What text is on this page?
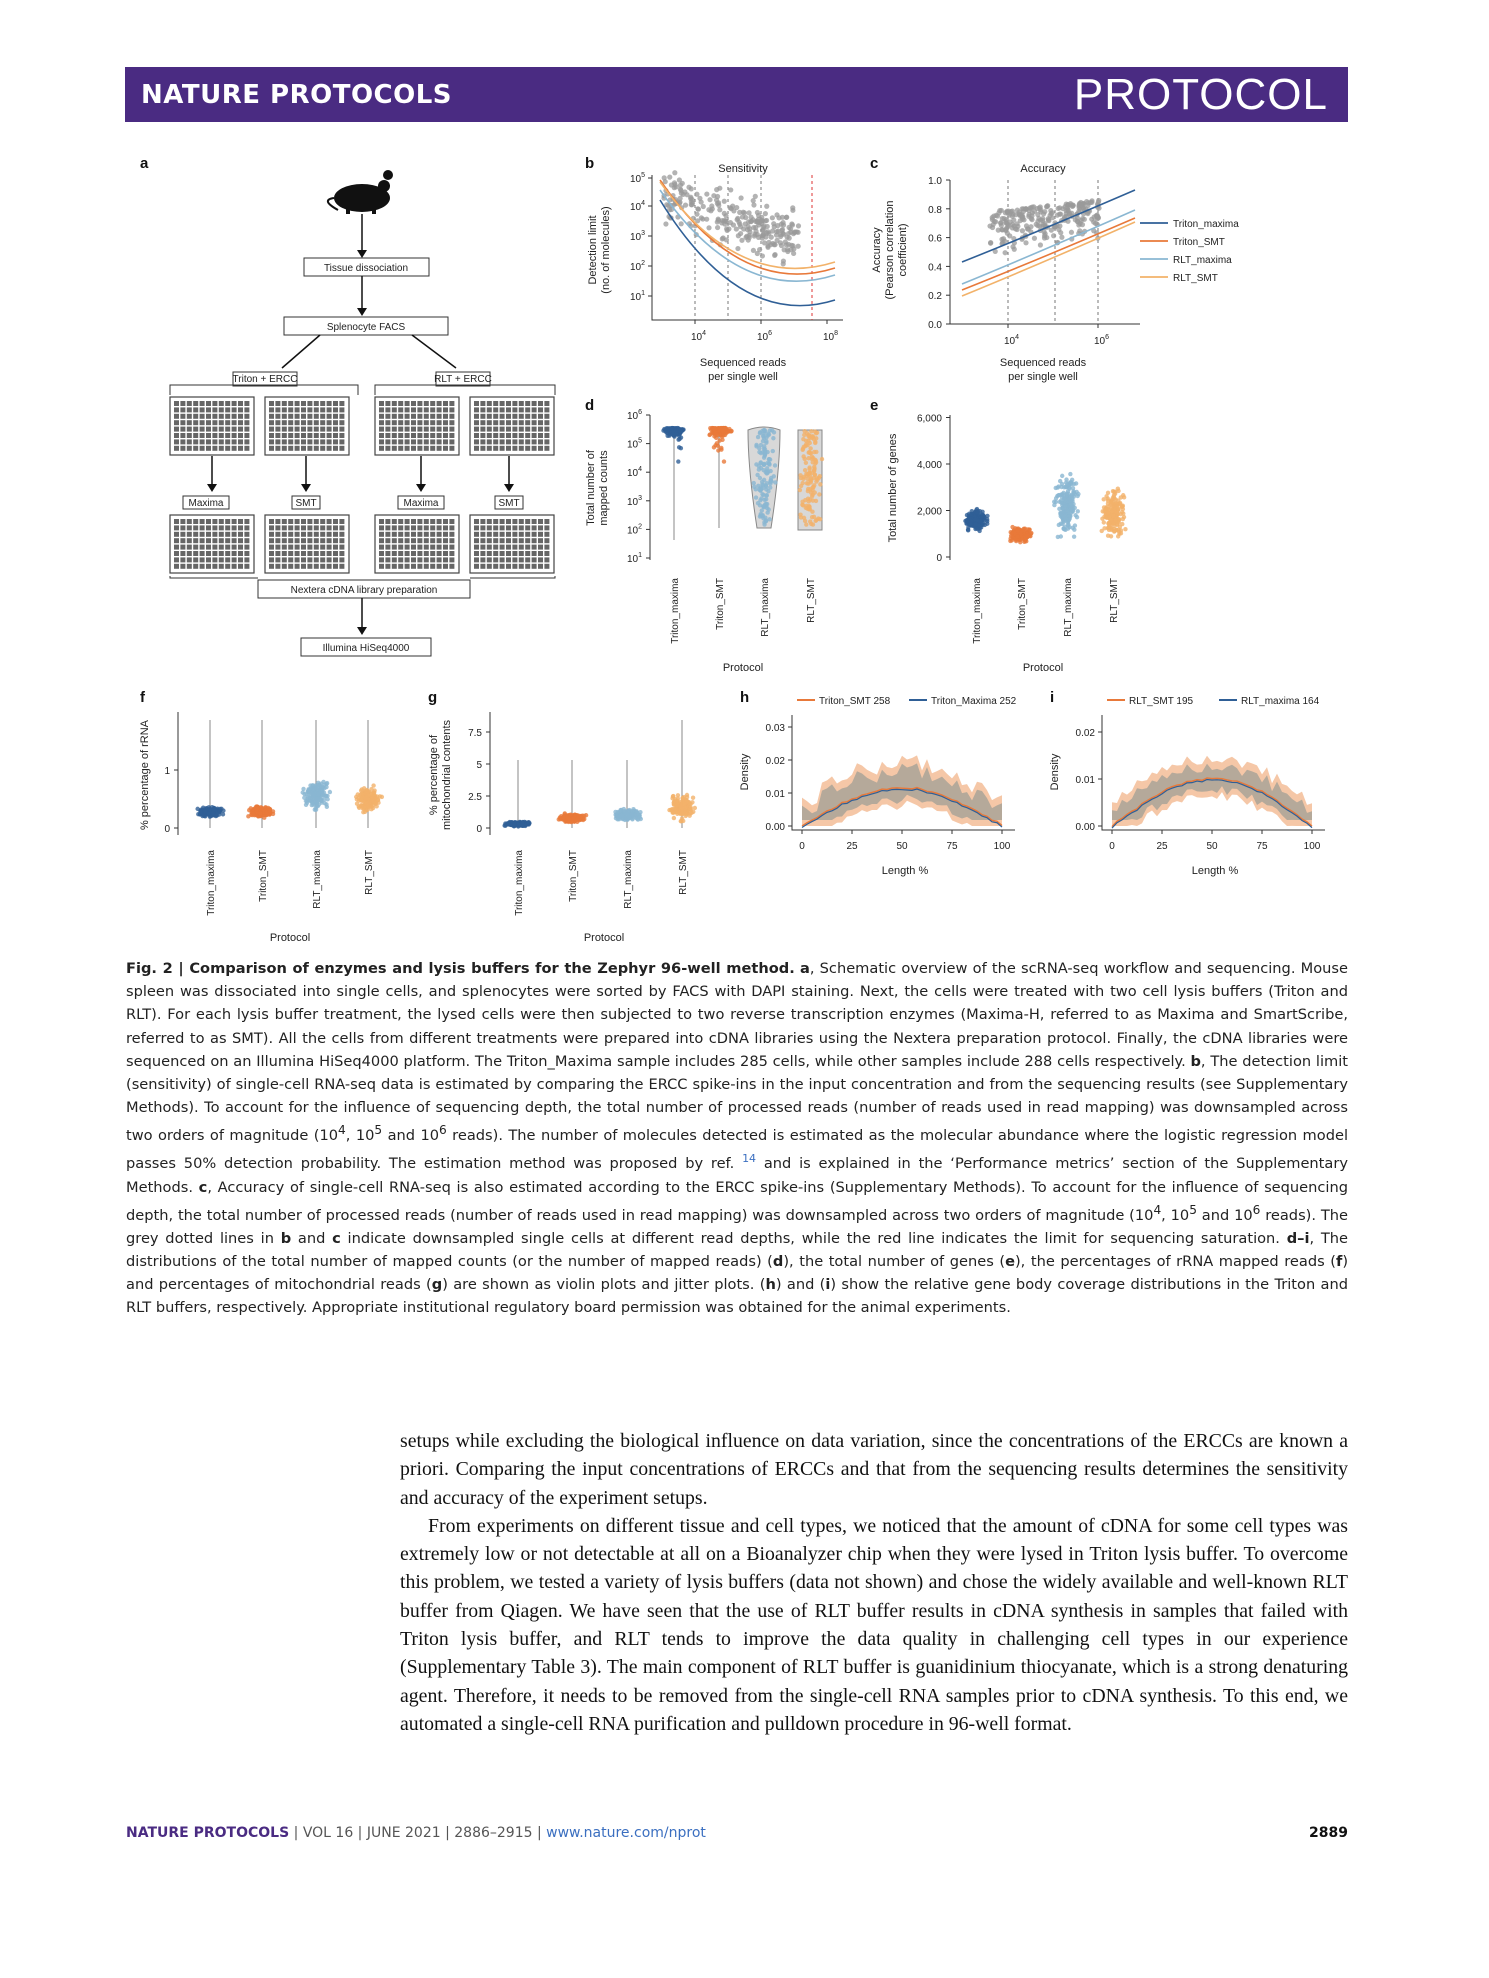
NATURE PROTOCOLS	PROTOCOL
a
Tissue dissociation
Splenocyte FACS
Triton + ERCC	RLT + ERCC
Maxima	SMT	Maxima	SMT
Nextera cDNA library preparation
Illumina HiSeq4000
b	Sensitivity
$10^1$
$10^2$
$10^3$
$10^4$
$10^5$
$10^4$	$10^6$	$10^8$
Detection limit (no. of molecules)
Sequenced reads
per single well
c	Accuracy
0.0
0.2
0.4
0.6
0.8
1.0
$10^4$	$10^6$
Accuracy (Pearson correlation coefficient)
Sequenced reads
per single well
Triton_maxima
Triton_SMT
RLT_maxima
RLT_SMT
d
$10^1$
$10^2$
$10^3$
$10^4$
$10^5$
$10^6$
Triton_maxima	Triton_SMT	RLT_maxima	RLT_SMT
Total number of mapped counts
Protocol
e
0
2,000
4,000
6,000
Triton_maxima	Triton_SMT	RLT_maxima	RLT_SMT
Total number of genes
Protocol
f
0
1
Triton_maxima	Triton_SMT	RLT_maxima	RLT_SMT
% percentage of rRNA
Protocol
g
0
2.5
5
7.5
Triton_maxima	Triton_SMT	RLT_maxima	RLT_SMT
% percentage of mitochondrial contents
Protocol
h
0.00
0.01
0.02
0.03
0	25	50	75	100
Triton_SMT 258	Triton_Maxima 252
Density
Length %
i
0.00
0.01
0.02
0	25	50	75	100
RLT_SMT 195	RLT_maxima 164
Density
Length %
Fig. 2 | Comparison of enzymes and lysis buffers for the Zephyr 96-well method. a, Schematic overview of the scRNA-seq workflow and sequencing. Mouse spleen was dissociated into single cells, and splenocytes were sorted by FACS with DAPI staining. Next, the cells were treated with two cell lysis buffers (Triton and RLT). For each lysis buffer treatment, the lysed cells were then subjected to two reverse transcription enzymes (Maxima-H, referred to as Maxima and SmartScribe, referred to as SMT). All the cells from different treatments were prepared into cDNA libraries using the Nextera preparation protocol. Finally, the cDNA libraries were sequenced on an Illumina HiSeq4000 platform. The Triton_Maxima sample includes 285 cells, while other samples include 288 cells respectively. b, The detection limit (sensitivity) of single-cell RNA-seq data is estimated by comparing the ERCC spike-ins in the input concentration and from the sequencing results (see Supplementary Methods). To account for the influence of sequencing depth, the total number of processed reads (number of reads used in read mapping) was downsampled across two orders of magnitude ($10^4$, $10^5$ and $10^6$ reads). The number of molecules detected is estimated as the molecular abundance where the logistic regression model passes 50% detection probability. The estimation method was proposed by ref. $^{14}$ and is explained in the ‘Performance metrics’ section of the Supplementary Methods. c, Accuracy of single-cell RNA-seq is also estimated according to the ERCC spike-ins (Supplementary Methods). To account for the influence of sequencing depth, the total number of processed reads (number of reads used in read mapping) was downsampled across two orders of magnitude ($10^4$, $10^5$ and $10^6$ reads). The grey dotted lines in b and c indicate downsampled single cells at different read depths, while the red line indicates the limit for sequencing saturation. d–i, The distributions of the total number of mapped counts (or the number of mapped reads) (d), the total number of genes (e), the percentages of rRNA mapped reads (f) and percentages of mitochondrial reads (g) are shown as violin plots and jitter plots. (h) and (i) show the relative gene body coverage distributions in the Triton and RLT buffers, respectively. Appropriate institutional regulatory board permission was obtained for the animal experiments.

setups while excluding the biological influence on data variation, since the concentrations of the ERCCs are known a priori. Comparing the input concentrations of ERCCs and that from the sequencing results determines the sensitivity and accuracy of the experiment setups.

From experiments on different tissue and cell types, we noticed that the amount of cDNA for some cell types was extremely low or not detectable at all on a Bioanalyzer chip when they were lysed in Triton lysis buffer. To overcome this problem, we tested a variety of lysis buffers (data not shown) and chose the widely available and well-known RLT buffer from Qiagen. We have seen that the use of RLT buffer results in cDNA synthesis in samples that failed with Triton lysis buffer, and RLT tends to improve the data quality in challenging cell types in our experience (Supplementary Table 3). The main component of RLT buffer is guanidinium thiocyanate, which is a strong denaturing agent. Therefore, it needs to be removed from the single-cell RNA samples prior to cDNA synthesis. To this end, we automated a single-cell RNA purification and pulldown procedure in 96-well format.

NATURE PROTOCOLS | VOL 16 | JUNE 2021 | 2886–2915 | www.nature.com/nprot	2889
